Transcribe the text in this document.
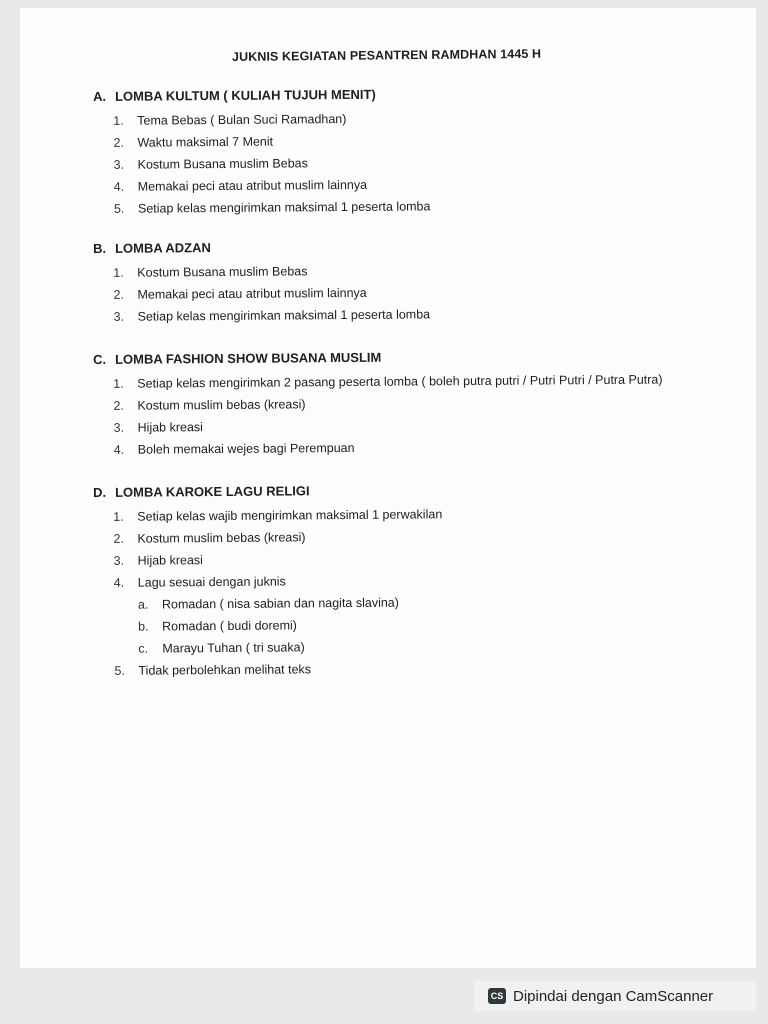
JUKNIS KEGIATAN PESANTREN RAMDHAN 1445 H
A. LOMBA KULTUM ( KULIAH TUJUH MENIT)
1.	Tema Bebas ( Bulan Suci Ramadhan)
2.	Waktu maksimal 7 Menit
3.	Kostum Busana muslim Bebas
4.	Memakai peci atau atribut muslim lainnya
5.	Setiap kelas mengirimkan maksimal 1 peserta lomba
B. LOMBA ADZAN
1.	Kostum Busana muslim Bebas
2.	Memakai peci atau atribut muslim lainnya
3.	Setiap kelas mengirimkan maksimal 1 peserta lomba
C. LOMBA FASHION SHOW BUSANA MUSLIM
1.	Setiap kelas mengirimkan 2 pasang peserta lomba ( boleh putra putri / Putri Putri / Putra Putra)
2.	Kostum muslim bebas (kreasi)
3.	Hijab kreasi
4.	Boleh memakai wejes bagi Perempuan
D. LOMBA KAROKE LAGU RELIGI
1.	Setiap kelas wajib mengirimkan maksimal 1 perwakilan
2.	Kostum muslim bebas (kreasi)
3.	Hijab kreasi
4.	Lagu sesuai dengan juknis
a. Romadan ( nisa sabian dan nagita slavina)
b. Romadan ( budi doremi)
c. Marayu Tuhan ( tri suaka)
5.	Tidak perbolehkan melihat teks
CS Dipindai dengan CamScanner
